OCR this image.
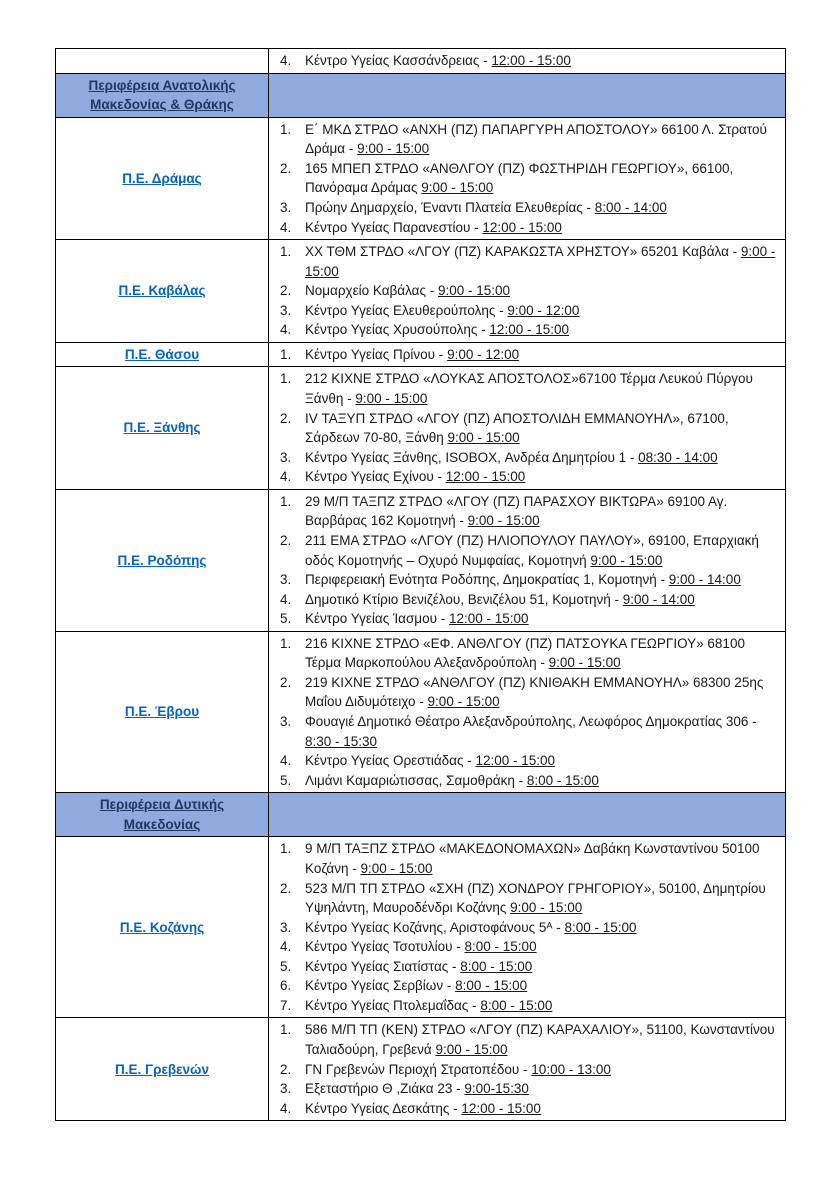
	4. Κέντρο Υγείας Κασσάνδρειας - 12:00 - 15:00

Περιφέρεια Ανατολικής Μακεδονίας & Θράκης	
Π.Ε. Δράμας	
1.	Ε΄ ΜΚΔ ΣΤΡΔΟ «ΑΝΧΗ (ΠΖ) ΠΑΠΑΡΓΥΡΗ ΑΠΟΣΤΟΛΟΥ» 66100 Λ. Στρατού Δράμα - 9:00 - 15:00
2.	165 ΜΠΕΠ ΣΤΡΔΟ «ΑΝΘΛΓΟΥ (ΠΖ) ΦΩΣΤΗΡΙΔΗ ΓΕΩΡΓΙΟΥ», 66100, Πανόραμα Δράμας 9:00 - 15:00
3.	Πρώην Δημαρχείο, Έναντι Πλατεία Ελευθερίας - 8:00 - 14:00
4.	Κέντρο Υγείας Παρανεστίου - 12:00 - 15:00

Π.Ε. Καβάλας	
1.	ΧΧ ΤΘΜ ΣΤΡΔΟ «ΛΓΟΥ (ΠΖ) ΚΑΡΑΚΩΣΤΑ ΧΡΗΣΤΟΥ» 65201 Καβάλα - 9:00 - 15:00
2.	Νομαρχείο Καβάλας - 9:00 - 15:00
3.	Κέντρο Υγείας Ελευθερούπολης - 9:00 - 12:00
4.	Κέντρο Υγείας Χρυσούπολης - 12:00 - 15:00

Π.Ε. Θάσου	1. Κέντρο Υγείας Πρίνου - 9:00 - 12:00

Π.Ε. Ξάνθης	
1.	212 ΚΙΧΝΕ ΣΤΡΔΟ «ΛΟΥΚΑΣ ΑΠΟΣΤΟΛΟΣ»67100 Τέρμα Λευκού Πύργου Ξάνθη - 9:00 - 15:00
2.	IV ΤΑΞΥΠ ΣΤΡΔΟ «ΛΓΟΥ (ΠΖ) ΑΠΟΣΤΟΛΙΔΗ ΕΜΜΑΝΟΥΗΛ», 67100, Σάρδεων 70-80, Ξάνθη 9:00 - 15:00
3.	Κέντρο Υγείας Ξάνθης, ISOBOX, Ανδρέα Δημητρίου 1 - 08:30 - 14:00
4.	Κέντρο Υγείας Εχίνου - 12:00 - 15:00

Π.Ε. Ροδόπης	
1.	29 Μ/Π ΤΑΞΠΖ ΣΤΡΔΟ «ΛΓΟΥ (ΠΖ) ΠΑΡΑΣΧΟΥ ΒΙΚΤΩΡΑ» 69100 Αγ. Βαρβάρας 162 Κομοτηνή - 9:00 - 15:00
2.	211 ΕΜΑ ΣΤΡΔΟ «ΛΓΟΥ (ΠΖ) ΗΛΙΟΠΟΥΛΟΥ ΠΑΥΛΟΥ», 69100, Επαρχιακή οδός Κομοτηνής – Οχυρό Νυμφαίας, Κομοτηνή 9:00 - 15:00
3.	Περιφερειακή Ενότητα Ροδόπης, Δημοκρατίας 1, Κομοτηνή - 9:00 - 14:00
4.	Δημοτικό Κτίριο Βενιζέλου, Βενιζέλου 51, Κομοτηνή - 9:00 - 14:00
5.	Κέντρο Υγείας Ίασμου - 12:00 - 15:00

Π.Ε. Έβρου	
1.	216 ΚΙΧΝΕ ΣΤΡΔΟ «ΕΦ. ΑΝΘΛΓΟΥ (ΠΖ) ΠΑΤΣΟΥΚΑ ΓΕΩΡΓΙΟΥ» 68100 Τέρμα Μαρκοπούλου Αλεξανδρούπολη - 9:00 - 15:00
2.	219 ΚΙΧΝΕ ΣΤΡΔΟ «ΑΝΘΛΓΟΥ (ΠΖ) ΚΝΙΘΑΚΗ ΕΜΜΑΝΟΥΗΛ» 68300 25ης Μαΐου Διδυμότειχο - 9:00 - 15:00
3.	Φουαγιέ Δημοτικό Θέατρο Αλεξανδρούπολης, Λεωφόρος Δημοκρατίας 306 - 8:30 - 15:30
4.	Κέντρο Υγείας Ορεστιάδας - 12:00 - 15:00
5.	Λιμάνι Καμαριώτισσας, Σαμοθράκη - 8:00 - 15:00

Περιφέρεια Δυτικής Μακεδονίας	
Π.Ε. Κοζάνης	
1.	9 Μ/Π ΤΑΞΠΖ ΣΤΡΔΟ «ΜΑΚΕΔΟΝΟΜΑΧΩΝ» Δαβάκη Κωνσταντίνου 50100 Κοζάνη - 9:00 - 15:00
2.	523 Μ/Π ΤΠ ΣΤΡΔΟ «ΣΧΗ (ΠΖ) ΧΟΝΔΡΟΥ ΓΡΗΓΟΡΙΟΥ», 50100, Δημητρίου Υψηλάντη, Μαυροδένδρι Κοζάνης 9:00 - 15:00
3.	Κέντρο Υγείας Κοζάνης, Αριστοφάνους 5ᴬ - 8:00 - 15:00
4.	Κέντρο Υγείας Τσοτυλίου - 8:00 - 15:00
5.	Κέντρο Υγείας Σιατίστας - 8:00 - 15:00
6.	Κέντρο Υγείας Σερβίων - 8:00 - 15:00
7.	Κέντρο Υγείας Πτολεμαΐδας - 8:00 - 15:00

Π.Ε. Γρεβενών	
1.	586 Μ/Π ΤΠ (ΚΕΝ) ΣΤΡΔΟ «ΛΓΟΥ (ΠΖ) ΚΑΡΑΧΑΛΙΟΥ», 51100, Κωνσταντίνου Ταλιαδούρη, Γρεβενά 9:00 - 15:00
2.	ΓΝ Γρεβενών Περιοχή Στρατοπέδου - 10:00 - 13:00
3.	Εξεταστήριο Θ ,Ζιάκα 23 - 9:00-15:30
4.	Κέντρο Υγείας Δεσκάτης - 12:00 - 15:00
